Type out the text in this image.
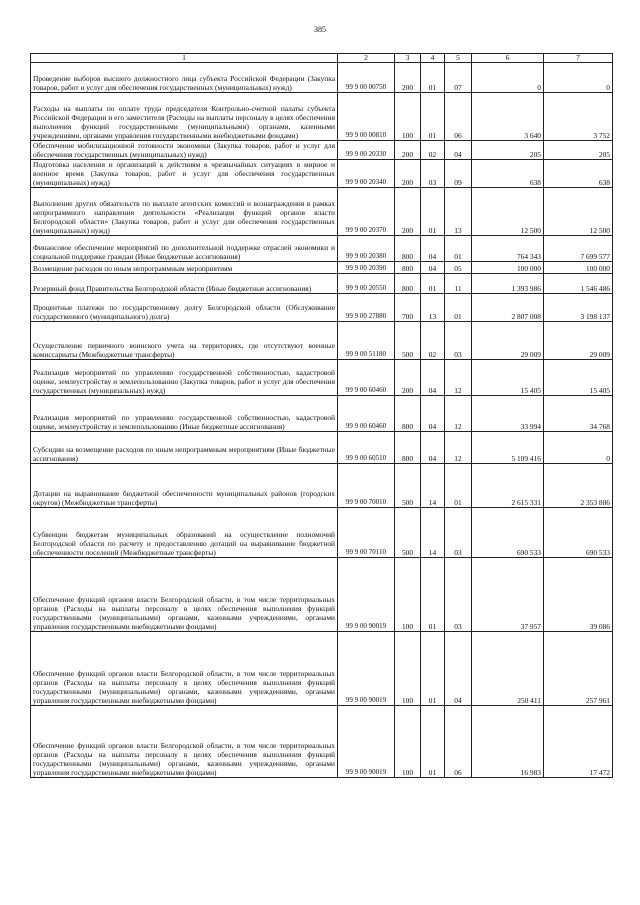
385
1	2	3	4	5	6	7
Проведение выборов высшего должностного лица субъекта Российской Федерации (Закупка товаров, работ и услуг для обеспечения государственных (муниципальных) нужд)	99 9 00 00750	200	01	07	0	0
Расходы на выплаты по оплате труда председателя Контрольно-счетной палаты субъекта Российской Федерации и его заместителя (Расходы на выплаты персоналу в целях обеспечения выполнения функций государственными (муниципальными) органами, казенными учреждениями, органами управления государственными внебюджетными фондами)	99 9 00 00810	100	01	06	3 640	3 752
Обеспечение мобилизационной готовности экономики (Закупка товаров, работ и услуг для обеспечения государственных (муниципальных) нужд)	99 9 00 20330	200	02	04	205	205
Подготовка населения и организаций к действиям в чрезвычайных ситуациях в мирное и военное время (Закупка товаров, работ и услуг для обеспечения государственных (муниципальных) нужд)	99 9 00 20340	200	03	09	638	638
Выполнение других обязательств по выплате агентских комиссий и вознаграждения в рамках непрограммного направления деятельности «Реализация функций органов власти Белгородской области» (Закупка товаров, работ и услуг для обеспечения государственных (муниципальных) нужд)	99 9 00 20370	200	01	13	12 500	12 500
Финансовое обеспечение мероприятий по дополнительной поддержке отраслей экономики и социальной поддержке граждан (Иные бюджетные ассигнования)	99 9 00 20380	800	04	01	764 343	7 699 577
Возмещение расходов по иным непрограммным мероприятиям	99 9 00 20390	800	04	05	100 000	100 000
Резервный фонд Правительства Белгородской области (Иные бюджетные ассигнования)	99 9 00 20550	800	01	11	1 393 986	1 546 486
Процентные платежи по государственному долгу Белгородской области (Обслуживание государственного (муниципального) долга)	99 9 00 27880	700	13	01	2 807 008	3 198 137
Осуществление первичного воинского учета на территориях, где отсутствуют военные комиссариаты (Межбюджетные трансферты)	99 9 00 51180	500	02	03	29 009	29 009
Реализация мероприятий по управлению государственной собственностью, кадастровой оценке, землеустройству и землепользованию (Закупка товаров, работ и услуг для обеспечения государственных (муниципальных) нужд)	99 9 00 60460	200	04	12	15 405	15 405
Реализация мероприятий по управлению государственной собственностью, кадастровой оценке, землеустройству и землепользованию (Иные бюджетные ассигнования)	99 9 00 60460	800	04	12	33 994	34 768
Субсидии на возмещение расходов по иным непрограммным мероприятиям (Иные бюджетные ассигнования)	99 9 00 60510	800	04	12	5 109 416	0
Дотации на выравнивание бюджетной обеспеченности муниципальных районов (городских округов) (Межбюджетные трансферты)	99 9 00 70010	500	14	01	2 615 331	2 353 886
Субвенции бюджетам муниципальных образований на осуществление полномочий Белгородской области по расчету и предоставлению дотаций на выравнивание бюджетной обеспеченности поселений (Межбюджетные трансферты)	99 9 00 70110	500	14	03	690 533	690 533
Обеспечение функций органов власти Белгородской области, в том числе территориальных органов (Расходы на выплаты персоналу в целях обеспечения выполнения функций государственными (муниципальными) органами, казенными учреждениями, органами управления государственными внебюджетными фондами)	99 9 00 90019	100	01	03	37 957	39 086
Обеспечение функций органов власти Белгородской области, в том числе территориальных органов (Расходы на выплаты персоналу в целях обеспечения выполнения функций государственными (муниципальными) органами, казенными учреждениями, органами управления государственными внебюджетными фондами)	99 9 00 90019	100	01	04	250 411	257 961
Обеспечение функций органов власти Белгородской области, в том числе территориальных органов (Расходы на выплаты персоналу в целях обеспечения выполнения функций государственными (муниципальными) органами, казенными учреждениями, органами управления государственными внебюджетными фондами)	99 9 00 90019	100	01	06	16 983	17 472
